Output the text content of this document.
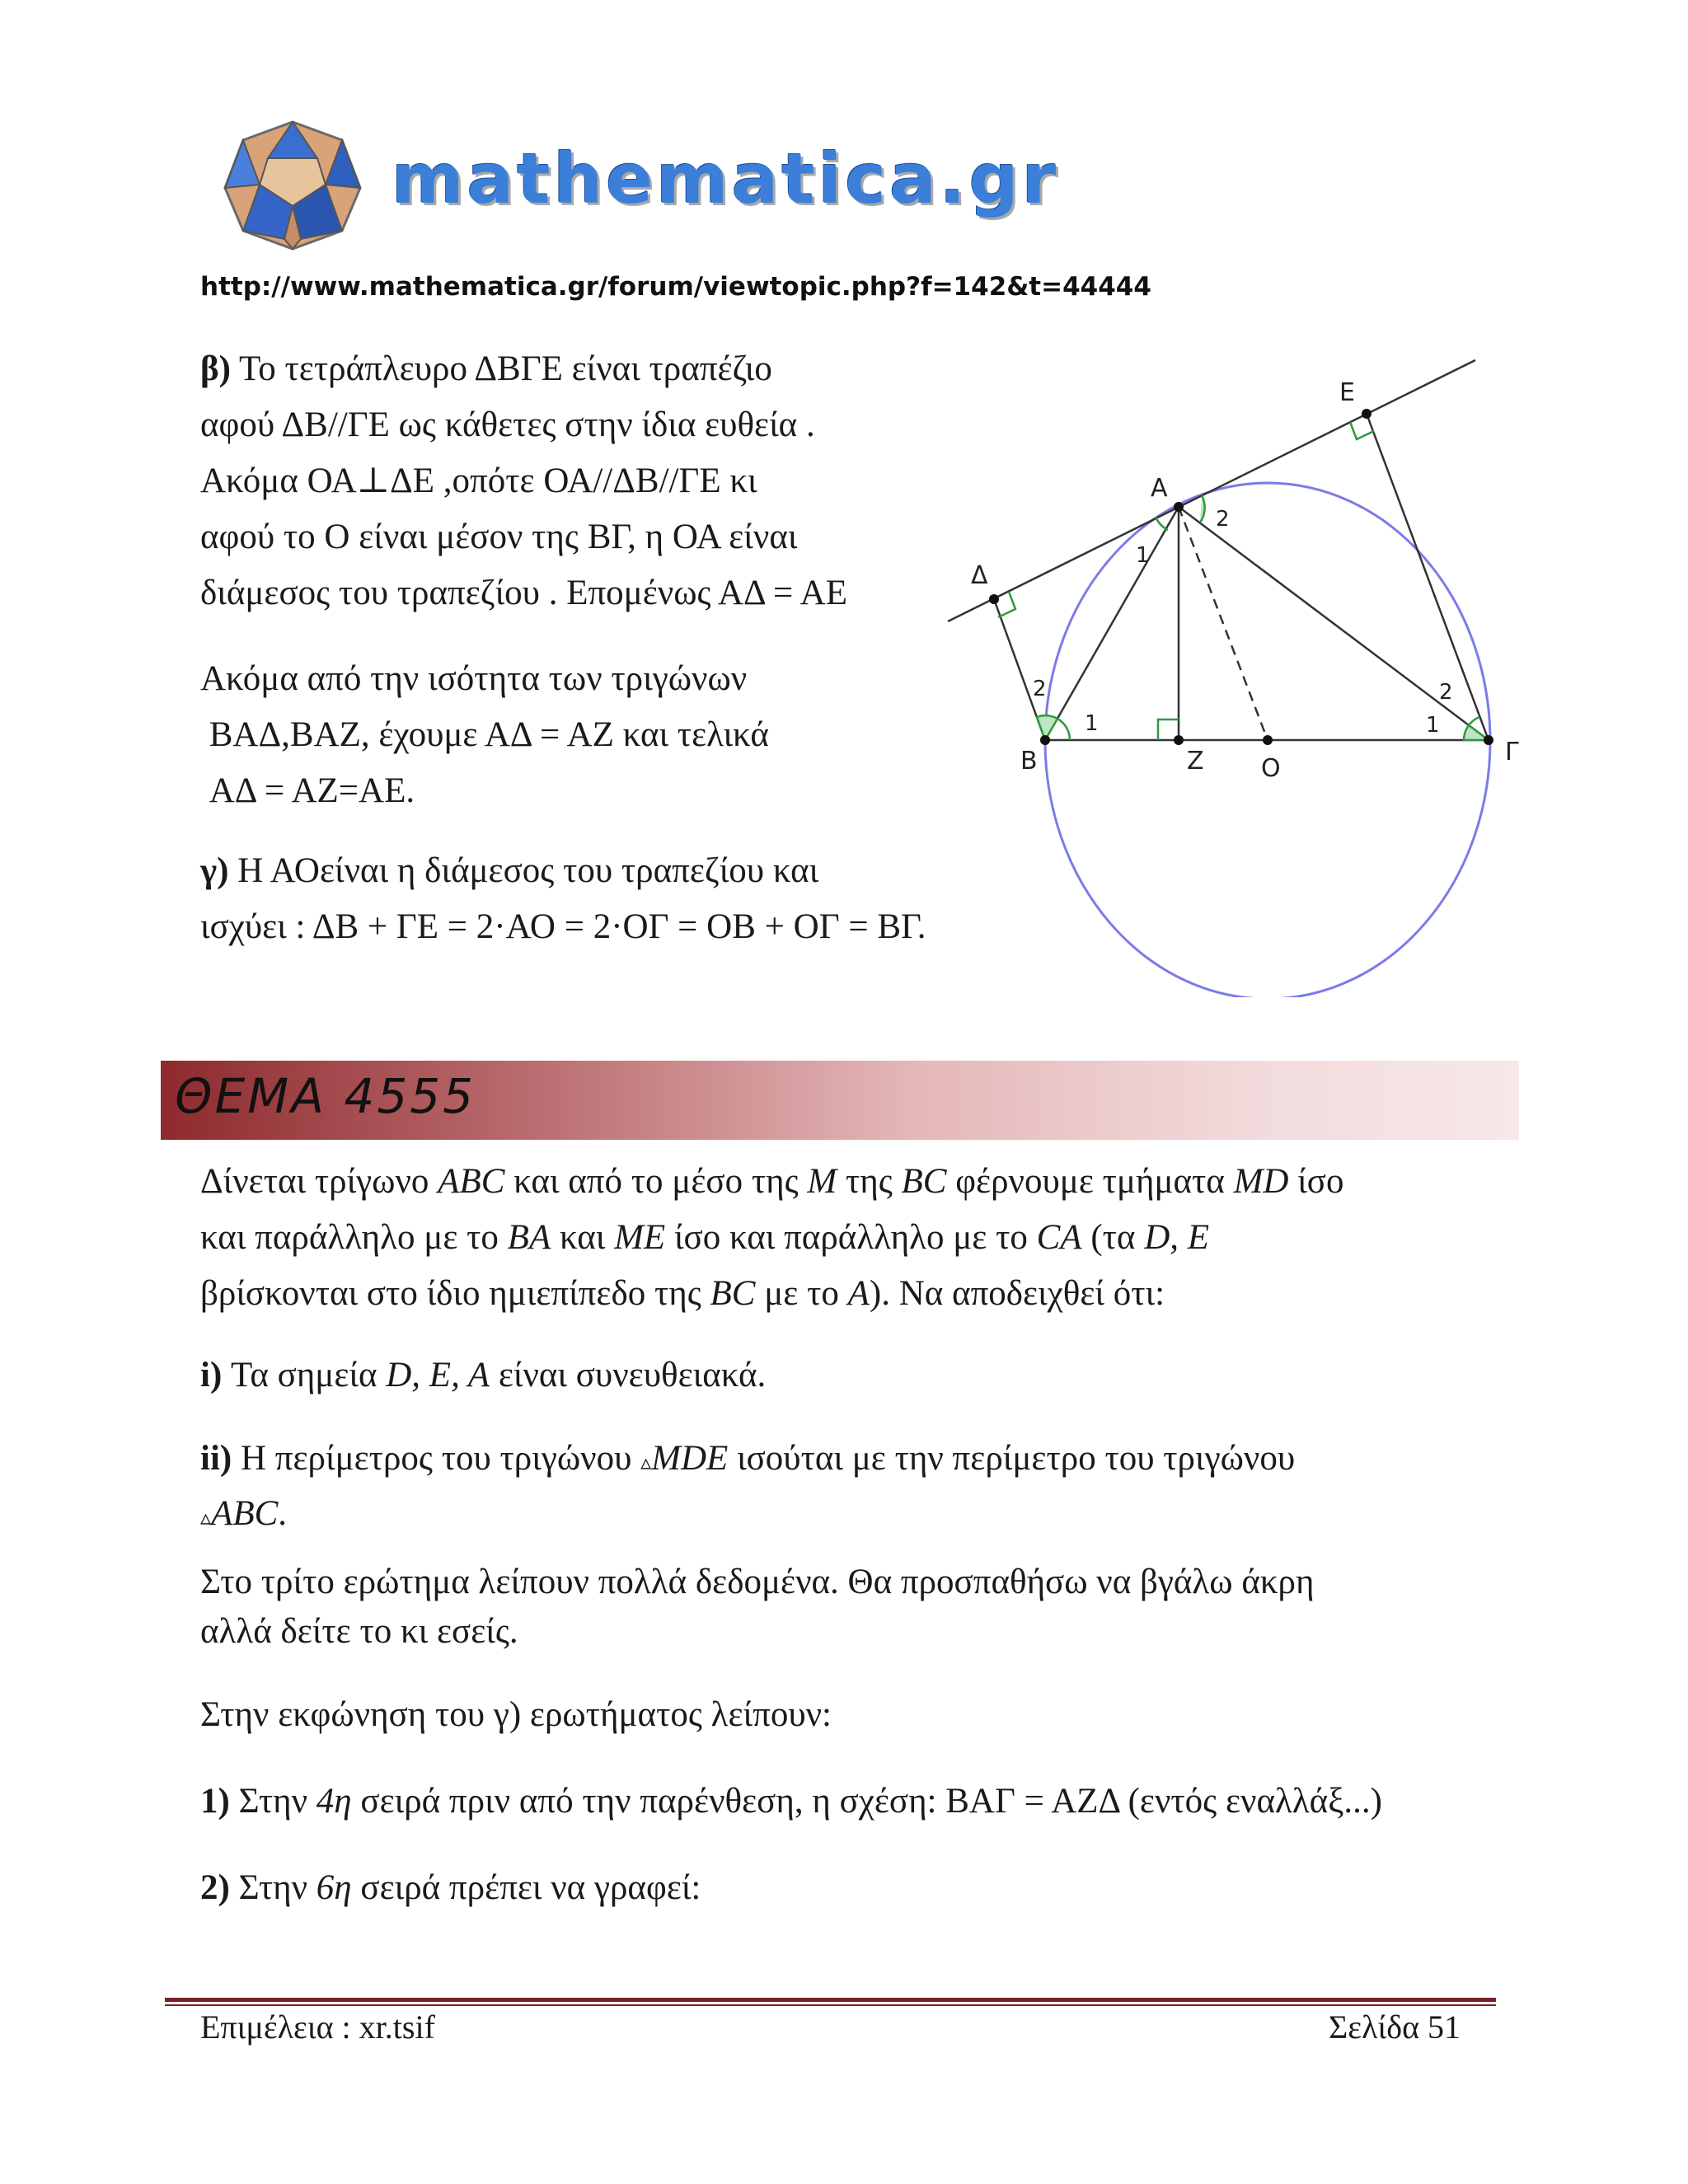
mathematica.gr
http://www.mathematica.gr/forum/viewtopic.php?f=142&t=44444
β) Το τετράπλευρο ΔΒΓΕ είναι τραπέζιο
αφού ΔΒ//ΓΕ ως κάθετες στην ίδια ευθεία .
Ακόμα ΟΑ⊥ΔΕ ,οπότε ΟΑ//ΔΒ//ΓΕ κι
αφού το Ο είναι μέσον της ΒΓ, η ΟΑ είναι
διάμεσος του τραπεζίου . Επομένως ΑΔ = ΑΕ
Ακόμα από την ισότητα των τριγώνων
ΒΑΔ,ΒΑΖ, έχουμε ΑΔ = ΑΖ και τελικά
ΑΔ = ΑΖ=ΑΕ.
γ) Η ΑΟείναι η διάμεσος του τραπεζίου και
ισχύει : ΔΒ + ΓΕ = 2·ΑΟ = 2·ΟΓ = ΟΒ + ΟΓ = ΒΓ.
Ε
Α
Δ
Β	Ζ Ο
Γ
1
2
1
2
1
2
ΘΕΜΑ 4555
Δίνεται τρίγωνο ABC και από το μέσο της M της BC φέρνουμε τμήματα MD ίσο
και παράλληλο με το BA και ME ίσο και παράλληλο με το CA (τα D, E
βρίσκονται στο ίδιο ημιεπίπεδο της BC με το A). Να αποδειχθεί ότι:
i) Τα σημεία D, E, A είναι συνευθειακά.
ii) Η περίμετρος του τριγώνου ▵MDE ισούται με την περίμετρο του τριγώνου
▵ABC.
Στο τρίτο ερώτημα λείπουν πολλά δεδομένα. Θα προσπαθήσω να βγάλω άκρη
αλλά δείτε το κι εσείς.
Στην εκφώνηση του γ) ερωτήματος λείπουν:
1) Στην 4η σειρά πριν από την παρένθεση, η σχέση: ΒΑΓ = ΑΖΔ (εντός εναλλάξ...)
2) Στην 6η σειρά πρέπει να γραφεί:
Επιμέλεια : xr.tsif	Σελίδα 51
